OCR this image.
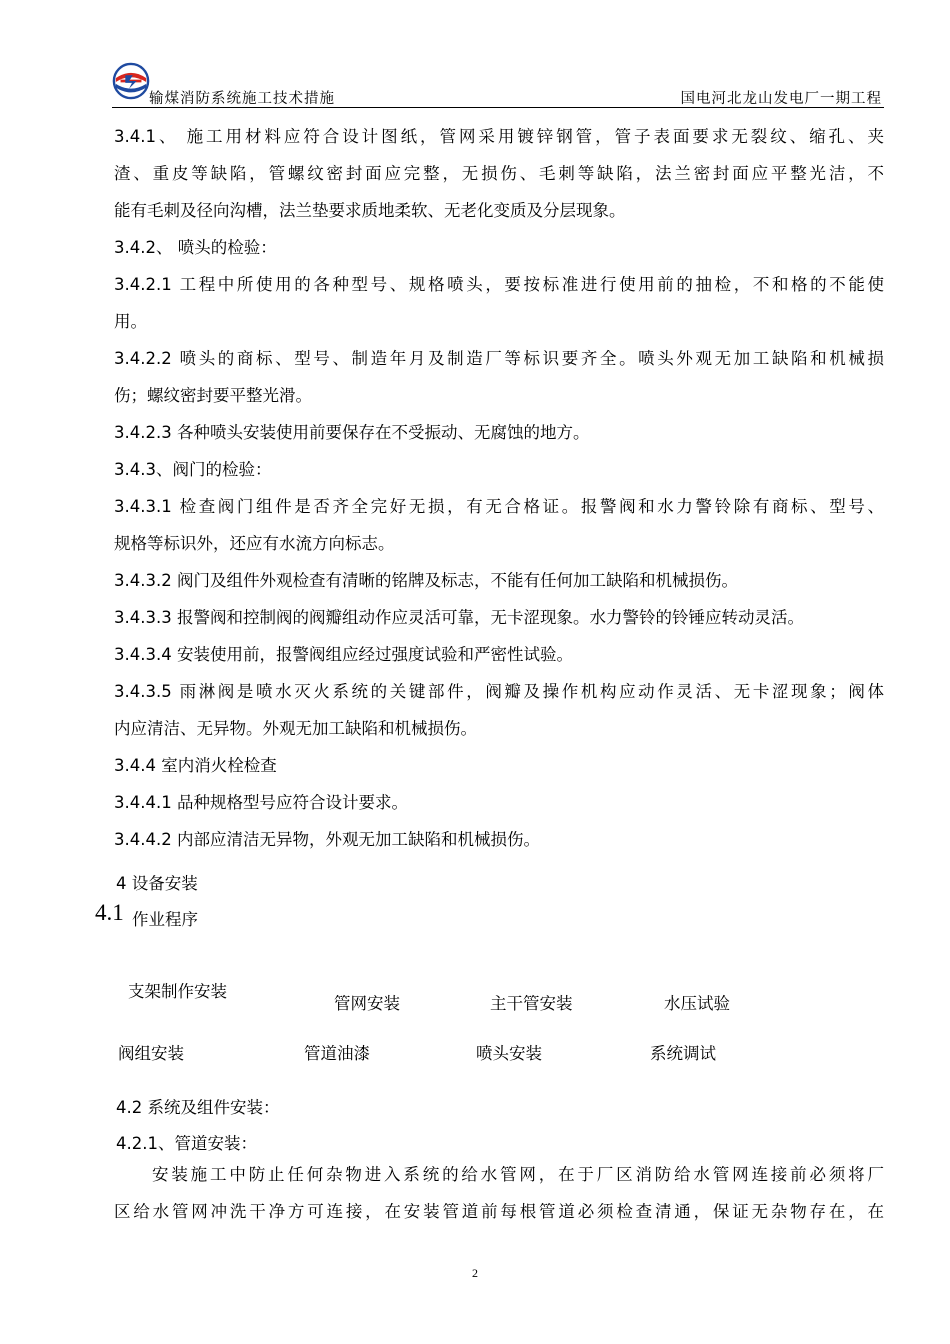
输煤消防系统施工技术措施	国电河北龙山发电厂一期工程

3.4.1、 施工用材料应符合设计图纸，管网采用镀锌钢管，管子表面要求无裂纹、缩孔、夹

渣、重皮等缺陷，管螺纹密封面应完整，无损伤、毛刺等缺陷，法兰密封面应平整光洁，不

能有毛刺及径向沟槽，法兰垫要求质地柔软、无老化变质及分层现象。

3.4.2、 喷头的检验：

3.4.2.1 工程中所使用的各种型号、规格喷头，要按标准进行使用前的抽检，不和格的不能使

用。

3.4.2.2 喷头的商标、型号、制造年月及制造厂等标识要齐全。喷头外观无加工缺陷和机械损

伤；螺纹密封要平整光滑。

3.4.2.3 各种喷头安装使用前要保存在不受振动、无腐蚀的地方。

3.4.3、阀门的检验：

3.4.3.1 检查阀门组件是否齐全完好无损，有无合格证。报警阀和水力警铃除有商标、型号、

规格等标识外，还应有水流方向标志。

3.4.3.2 阀门及组件外观检查有清晰的铭牌及标志，不能有任何加工缺陷和机械损伤。

3.4.3.3 报警阀和控制阀的阀瓣组动作应灵活可靠，无卡涩现象。水力警铃的铃锤应转动灵活。

3.4.3.4 安装使用前，报警阀组应经过强度试验和严密性试验。

3.4.3.5 雨淋阀是喷水灭火系统的关键部件，阀瓣及操作机构应动作灵活、无卡涩现象；阀体

内应清洁、无异物。外观无加工缺陷和机械损伤。

3.4.4 室内消火栓检查

3.4.4.1 品种规格型号应符合设计要求。

3.4.4.2 内部应清洁无异物，外观无加工缺陷和机械损伤。

4 设备安装
4.1 作业程序
支架制作安装
管网安装	主干管安装	水压试验
阀组安装	管道油漆	喷头安装	系统调试
4.2 系统及组件安装：
4.2.1、管道安装：

安装施工中防止任何杂物进入系统的给水管网，在于厂区消防给水管网连接前必须将厂

区给水管网冲洗干净方可连接，在安装管道前每根管道必须检查清通，保证无杂物存在，在

2
